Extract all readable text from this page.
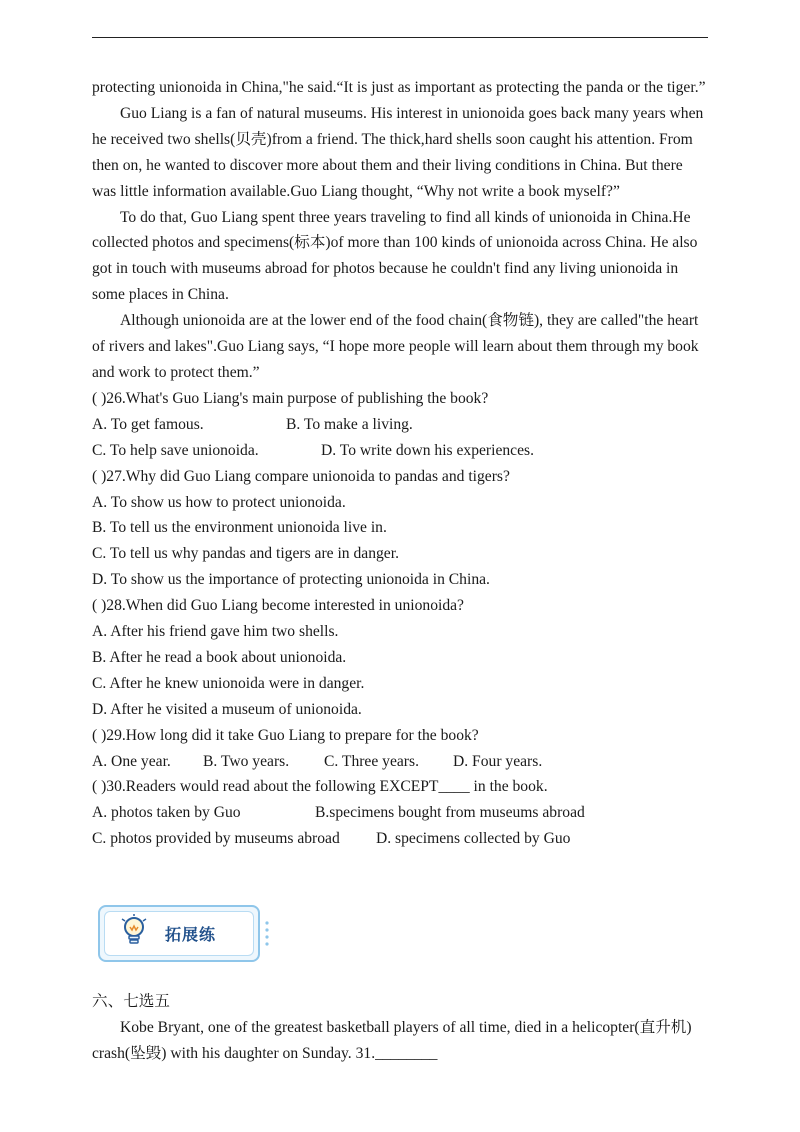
protecting unionoida in China,"he said.“It is just as important as protecting the panda or the tiger.”

Guo Liang is a fan of natural museums. His interest in unionoida goes back many years when he received two shells(贝壳)from a friend. The thick,hard shells soon caught his attention. From then on, he wanted to discover more about them and their living conditions in China. But there was little information available.Guo Liang thought, “Why not write a book myself?”

To do that, Guo Liang spent three years traveling to find all kinds of unionoida in China.He collected photos and specimens(标本)of more than 100 kinds of unionoida across China. He also got in touch with museums abroad for photos because he couldn't find any living unionoida in some places in China.

Although unionoida are at the lower end of the food chain(食物链), they are called"the heart of rivers and lakes".Guo Liang says, “I hope more people will learn about them through my book and work to protect them.”

( )26.What's Guo Liang's main purpose of publishing the book?
A. To get famous.	B. To make a living.
C. To help save unionoida.	D. To write down his experiences.
( )27.Why did Guo Liang compare unionoida to pandas and tigers?
A. To show us how to protect unionoida.
B. To tell us the environment unionoida live in.
C. To tell us why pandas and tigers are in danger.
D. To show us the importance of protecting unionoida in China.
( )28.When did Guo Liang become interested in unionoida?
A. After his friend gave him two shells.
B. After he read a book about unionoida.
C. After he knew unionoida were in danger.
D. After he visited a museum of unionoida.
( )29.How long did it take Guo Liang to prepare for the book?
A. One year.	B. Two years.	C. Three years.	D. Four years.
( )30.Readers would read about the following EXCEPT____ in the book.
A. photos taken by Guo	B.specimens bought from museums abroad
C. photos provided by museums abroad	D. specimens collected by Guo
拓展练
六、七选五

Kobe Bryant, one of the greatest basketball players of all time, died in a helicopter(直升机) crash(坠毁) with his daughter on Sunday. 31.________
